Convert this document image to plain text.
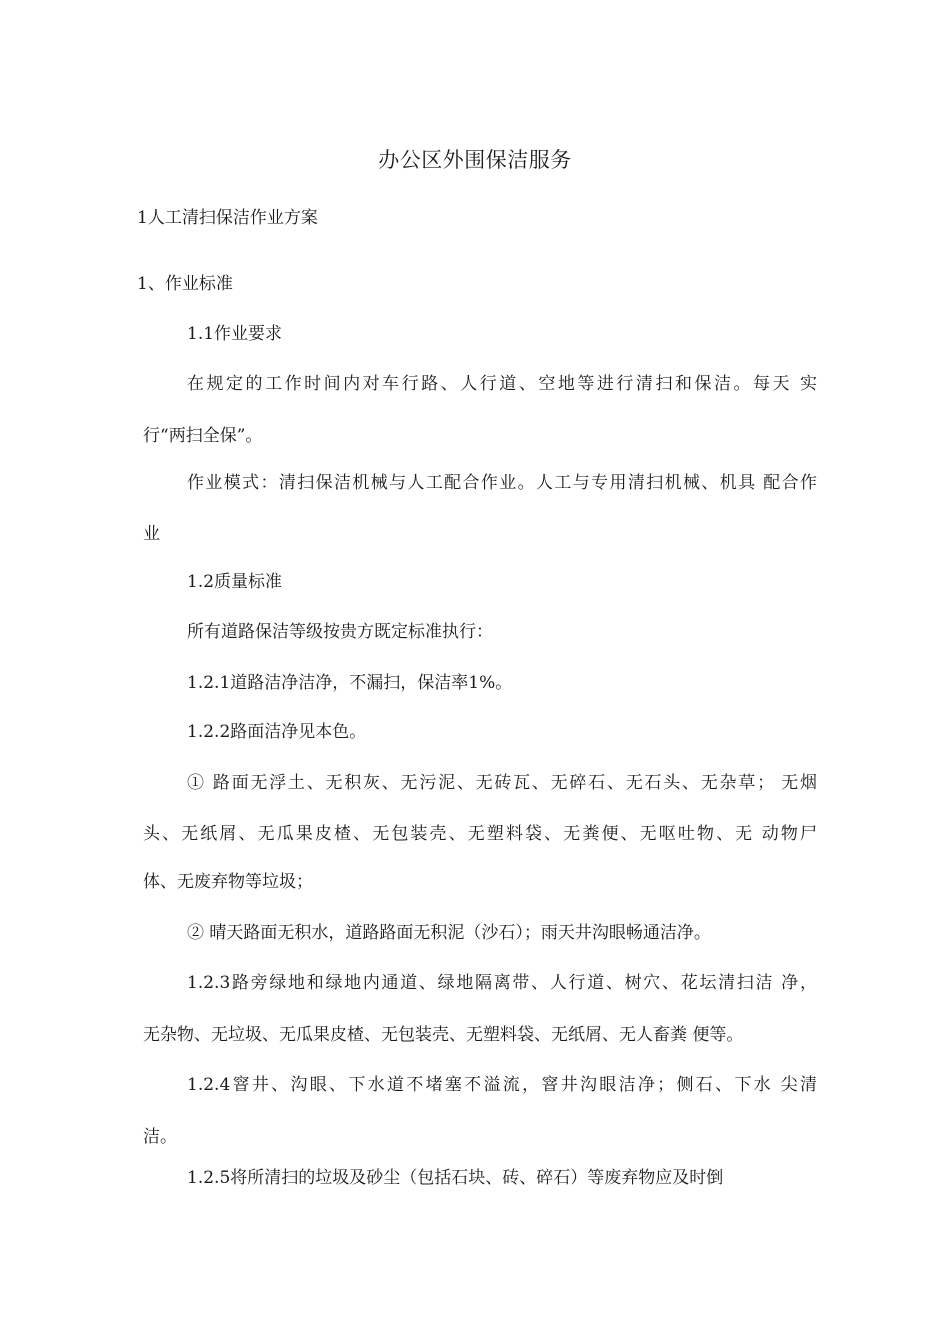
办公区外围保洁服务
1人工清扫保洁作业方案
1、作业标准
1.1作业要求
在规定的工作时间内对车行路、人行道、空地等进行清扫和保洁。每天 实
行“两扫全保”。
作业模式：清扫保洁机械与人工配合作业。人工与专用清扫机械、机具 配合作
业
1.2质量标准
所有道路保洁等级按贵方既定标准执行：
1.2.1道路洁净洁净，不漏扫，保洁率1%。
1.2.2路面洁净见本色。
① 路面无浮土、无积灰、无污泥、无砖瓦、无碎石、无石头、无杂草； 无烟
头、无纸屑、无瓜果皮楂、无包装壳、无塑料袋、无粪便、无呕吐物、无 动物尸
体、无废弃物等垃圾；
② 晴天路面无积水，道路路面无积泥（沙石）；雨天井沟眼畅通洁净。
1.2.3路旁绿地和绿地内通道、绿地隔离带、人行道、树穴、花坛清扫洁 净，
无杂物、无垃圾、无瓜果皮楂、无包装壳、无塑料袋、无纸屑、无人畜粪 便等。
1.2.4窨井、沟眼、下水道不堵塞不溢流，窨井沟眼洁净；侧石、下水 尖清
洁。
1.2.5将所清扫的垃圾及砂尘（包括石块、砖、碎石）等废弃物应及时倒
